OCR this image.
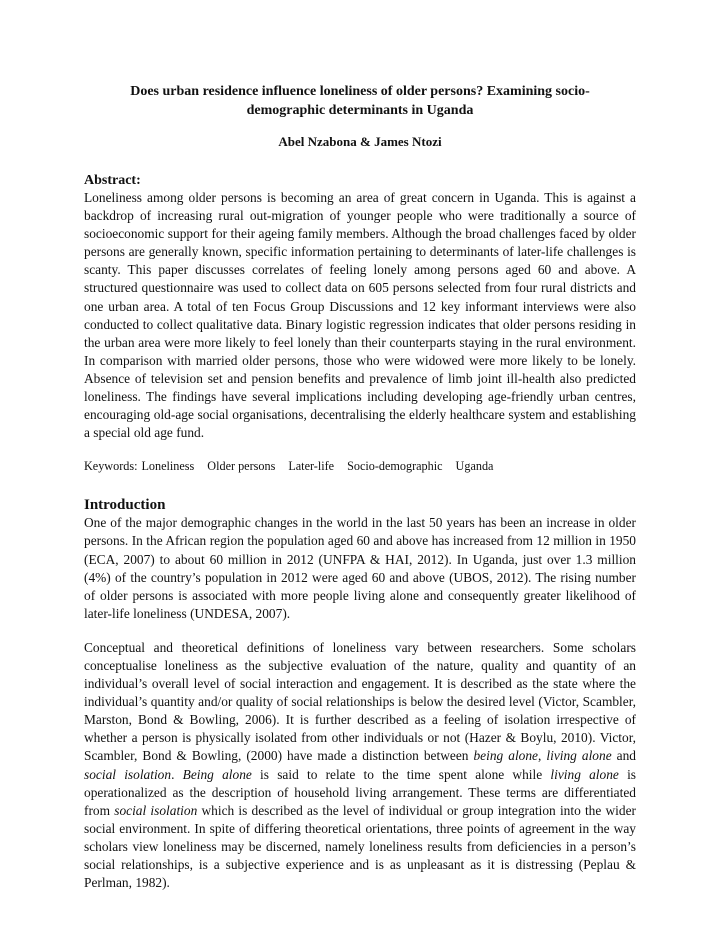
Does urban residence influence loneliness of older persons? Examining socio-demographic determinants in Uganda

Abel Nzabona & James Ntozi

Abstract:

Loneliness among older persons is becoming an area of great concern in Uganda. This is against a backdrop of increasing rural out-migration of younger people who were traditionally a source of socioeconomic support for their ageing family members. Although the broad challenges faced by older persons are generally known, specific information pertaining to determinants of later-life challenges is scanty. This paper discusses correlates of feeling lonely among persons aged 60 and above. A structured questionnaire was used to collect data on 605 persons selected from four rural districts and one urban area. A total of ten Focus Group Discussions and 12 key informant interviews were also conducted to collect qualitative data. Binary logistic regression indicates that older persons residing in the urban area were more likely to feel lonely than their counterparts staying in the rural environment. In comparison with married older persons, those who were widowed were more likely to be lonely. Absence of television set and pension benefits and prevalence of limb joint ill-health also predicted loneliness. The findings have several implications including developing age-friendly urban centres, encouraging old-age social organisations, decentralising the elderly healthcare system and establishing a special old age fund.

Keywords: Loneliness Older persons Later-life Socio-demographic Uganda

Introduction

One of the major demographic changes in the world in the last 50 years has been an increase in older persons. In the African region the population aged 60 and above has increased from 12 million in 1950 (ECA, 2007) to about 60 million in 2012 (UNFPA & HAI, 2012). In Uganda, just over 1.3 million (4%) of the country’s population in 2012 were aged 60 and above (UBOS, 2012). The rising number of older persons is associated with more people living alone and consequently greater likelihood of later-life loneliness (UNDESA, 2007).

Conceptual and theoretical definitions of loneliness vary between researchers. Some scholars conceptualise loneliness as the subjective evaluation of the nature, quality and quantity of an individual’s overall level of social interaction and engagement. It is described as the state where the individual’s quantity and/or quality of social relationships is below the desired level (Victor, Scambler, Marston, Bond & Bowling, 2006). It is further described as a feeling of isolation irrespective of whether a person is physically isolated from other individuals or not (Hazer & Boylu, 2010). Victor, Scambler, Bond & Bowling, (2000) have made a distinction between being alone, living alone and social isolation. Being alone is said to relate to the time spent alone while living alone is operationalized as the description of household living arrangement. These terms are differentiated from social isolation which is described as the level of individual or group integration into the wider social environment. In spite of differing theoretical orientations, three points of agreement in the way scholars view loneliness may be discerned, namely loneliness results from deficiencies in a person’s social relationships, is a subjective experience and is as unpleasant as it is distressing (Peplau & Perlman, 1982).
